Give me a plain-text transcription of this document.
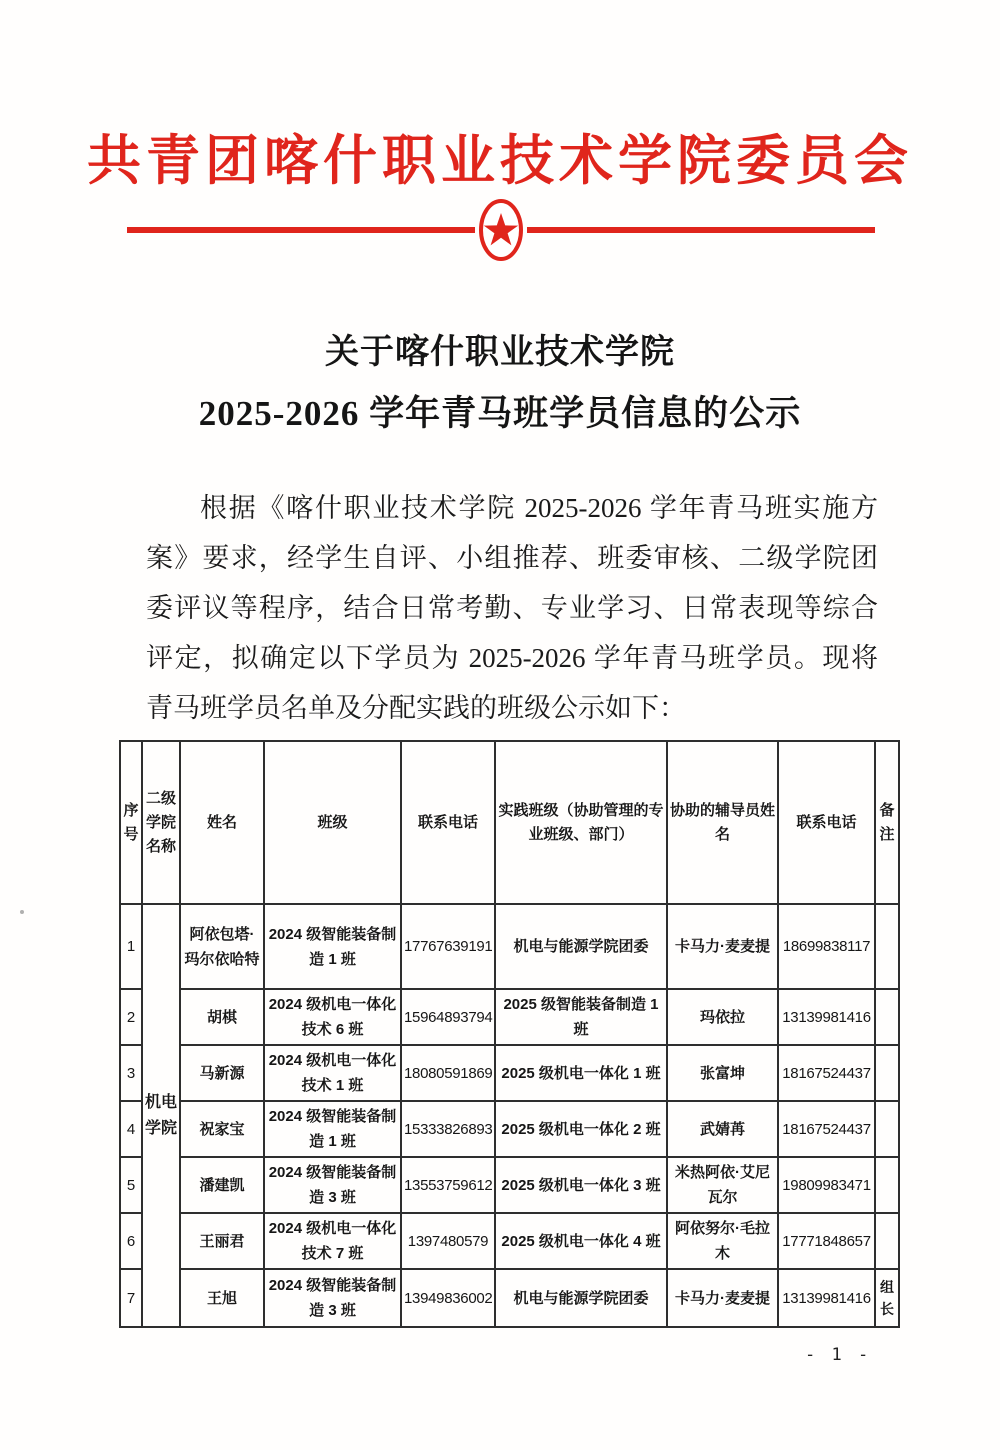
共青团喀什职业技术学院委员会
关于喀什职业技术学院
2025-2026 学年青马班学员信息的公示
根据《喀什职业技术学院 2025-2026 学年青马班实施方
案》要求，经学生自评、小组推荐、班委审核、二级学院团
委评议等程序，结合日常考勤、专业学习、日常表现等综合
评定，拟确定以下学员为 2025-2026 学年青马班学员。现将
青马班学员名单及分配实践的班级公示如下：
序号	二级学院名称	姓名	班级	联系电话	实践班级（协助管理的专业班级、部门）	协助的辅导员姓名	联系电话	备注
1	机电学院	阿依包塔·玛尔依哈特	2024 级智能装备制造 1 班	17767639191	机电与能源学院团委	卡马力·麦麦提	18699838117	
2		胡棋	2024 级机电一体化技术 6 班	15964893794	2025 级智能装备制造 1 班	玛依拉	13139981416	
3		马新源	2024 级机电一体化技术 1 班	18080591869	2025 级机电一体化 1 班	张富坤	18167524437	
4		祝家宝	2024 级智能装备制造 1 班	15333826893	2025 级机电一体化 2 班	武婧苒	18167524437	
5		潘建凯	2024 级智能装备制造 3 班	13553759612	2025 级机电一体化 3 班	米热阿依·艾尼瓦尔	19809983471	
6		王丽君	2024 级机电一体化技术 7 班	1397480579	2025 级机电一体化 4 班	阿依努尔·毛拉木	17771848657	
7		王旭	2024 级智能装备制造 3 班	13949836002	机电与能源学院团委	卡马力·麦麦提	13139981416	组长
- 1 -
